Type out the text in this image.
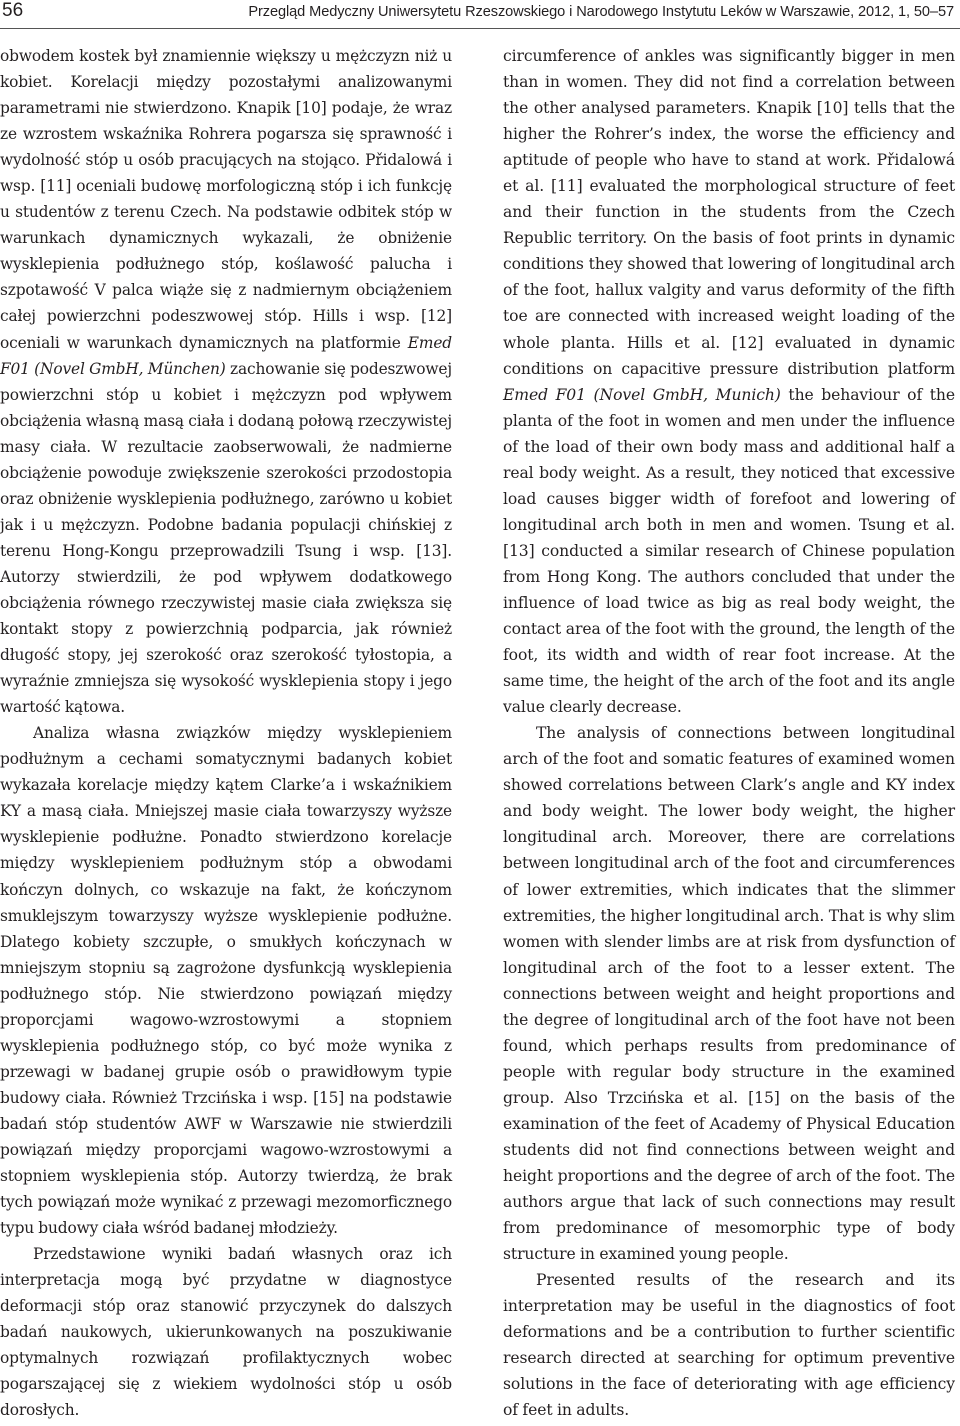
56	Przegląd Medyczny Uniwersytetu Rzeszowskiego i Narodowego Instytutu Leków w Warszawie, 2012, 1, 50–57

obwodem kostek był znamiennie większy u mężczyzn niż u kobiet. Korelacji między pozostałymi analizowanymi parametrami nie stwierdzono. Knapik [10] podaje, że wraz ze wzrostem wskaźnika Rohrera pogarsza się sprawność i wydolność stóp u osób pracujących na stojąco. Přidalowá i wsp. [11] oceniali budowę morfologiczną stóp i ich funkcję u studentów z terenu Czech. Na podstawie odbitek stóp w warunkach dynamicznych wykazali, że obniżenie wysklepienia podłużnego stóp, koślawość palucha i szpotawość V palca wiąże się z nadmiernym obciążeniem całej powierzchni podeszwowej stóp. Hills i wsp. [12] oceniali w warunkach dynamicznych na platformie Emed F01 (Novel GmbH, München) zachowanie się podeszwowej powierzchni stóp u kobiet i mężczyzn pod wpływem obciążenia własną masą ciała i dodaną połową rzeczywistej masy ciała. W rezultacie zaobserwowali, że nadmierne obciążenie powoduje zwiększenie szerokości przodostopia oraz obniżenie wysklepienia podłużnego, zarówno u kobiet jak i u mężczyzn. Podobne badania populacji chińskiej z terenu Hong-Kongu przeprowadzili Tsung i wsp. [13]. Autorzy stwierdzili, że pod wpływem dodatkowego obciążenia równego rzeczywistej masie ciała zwiększa się kontakt stopy z powierzchnią podparcia, jak również długość stopy, jej szerokość oraz szerokość tyłostopia, a wyraźnie zmniejsza się wysokość wysklepienia stopy i jego wartość kątowa.

Analiza własna związków między wysklepieniem podłużnym a cechami somatycznymi badanych kobiet wykazała korelacje między kątem Clarke’a i wskaźnikiem KY a masą ciała. Mniejszej masie ciała towarzyszy wyższe wysklepienie podłużne. Ponadto stwierdzono korelacje między wysklepieniem podłużnym stóp a obwodami kończyn dolnych, co wskazuje na fakt, że kończynom smuklejszym towarzyszy wyższe wysklepienie podłużne. Dlatego kobiety szczupłe, o smukłych kończynach w mniejszym stopniu są zagrożone dysfunkcją wysklepienia podłużnego stóp. Nie stwierdzono powiązań między proporcjami wagowo-wzrostowymi a stopniem wysklepienia podłużnego stóp, co być może wynika z przewagi w badanej grupie osób o prawidłowym typie budowy ciała. Również Trzcińska i wsp. [15] na podstawie badań stóp studentów AWF w Warszawie nie stwierdzili powiązań między proporcjami wagowo-wzrostowymi a stopniem wysklepienia stóp. Autorzy twierdzą, że brak tych powiązań może wynikać z przewagi mezomorficznego typu budowy ciała wśród badanej młodzieży.

Przedstawione wyniki badań własnych oraz ich interpretacja mogą być przydatne w diagnostyce deformacji stóp oraz stanowić przyczynek do dalszych badań naukowych, ukierunkowanych na poszukiwanie optymalnych rozwiązań profilaktycznych wobec pogarszającej się z wiekiem wydolności stóp u osób dorosłych.

circumference of ankles was significantly bigger in men than in women. They did not find a correlation between the other analysed parameters. Knapik [10] tells that the higher the Rohrer’s index, the worse the efficiency and aptitude of people who have to stand at work. Přidalowá et al. [11] evaluated the morphological structure of feet and their function in the students from the Czech Republic territory. On the basis of foot prints in dynamic conditions they showed that lowering of longitudinal arch of the foot, hallux valgity and varus deformity of the fifth toe are connected with increased weight loading of the whole planta. Hills et al. [12] evaluated in dynamic conditions on capacitive pressure distribution platform Emed F01 (Novel GmbH, Munich) the behaviour of the planta of the foot in women and men under the influence of the load of their own body mass and additional half a real body weight. As a result, they noticed that excessive load causes bigger width of forefoot and lowering of longitudinal arch both in men and women. Tsung et al. [13] conducted a similar research of Chinese population from Hong Kong. The authors concluded that under the influence of load twice as big as real body weight, the contact area of the foot with the ground, the length of the foot, its width and width of rear foot increase. At the same time, the height of the arch of the foot and its angle value clearly decrease.

The analysis of connections between longitudinal arch of the foot and somatic features of examined women showed correlations between Clark’s angle and KY index and body weight. The lower body weight, the higher longitudinal arch. Moreover, there are correlations between longitudinal arch of the foot and circumferences of lower extremities, which indicates that the slimmer extremities, the higher longitudinal arch. That is why slim women with slender limbs are at risk from dysfunction of longitudinal arch of the foot to a lesser extent. The connections between weight and height proportions and the degree of longitudinal arch of the foot have not been found, which perhaps results from predominance of people with regular body structure in the examined group. Also Trzcińska et al. [15] on the basis of the examination of the feet of Academy of Physical Education students did not find connections between weight and height proportions and the degree of arch of the foot. The authors argue that lack of such connections may result from predominance of mesomorphic type of body structure in examined young people.

Presented results of the research and its interpretation may be useful in the diagnostics of foot deformations and be a contribution to further scientific research directed at searching for optimum preventive solutions in the face of deteriorating with age efficiency of feet in adults.
